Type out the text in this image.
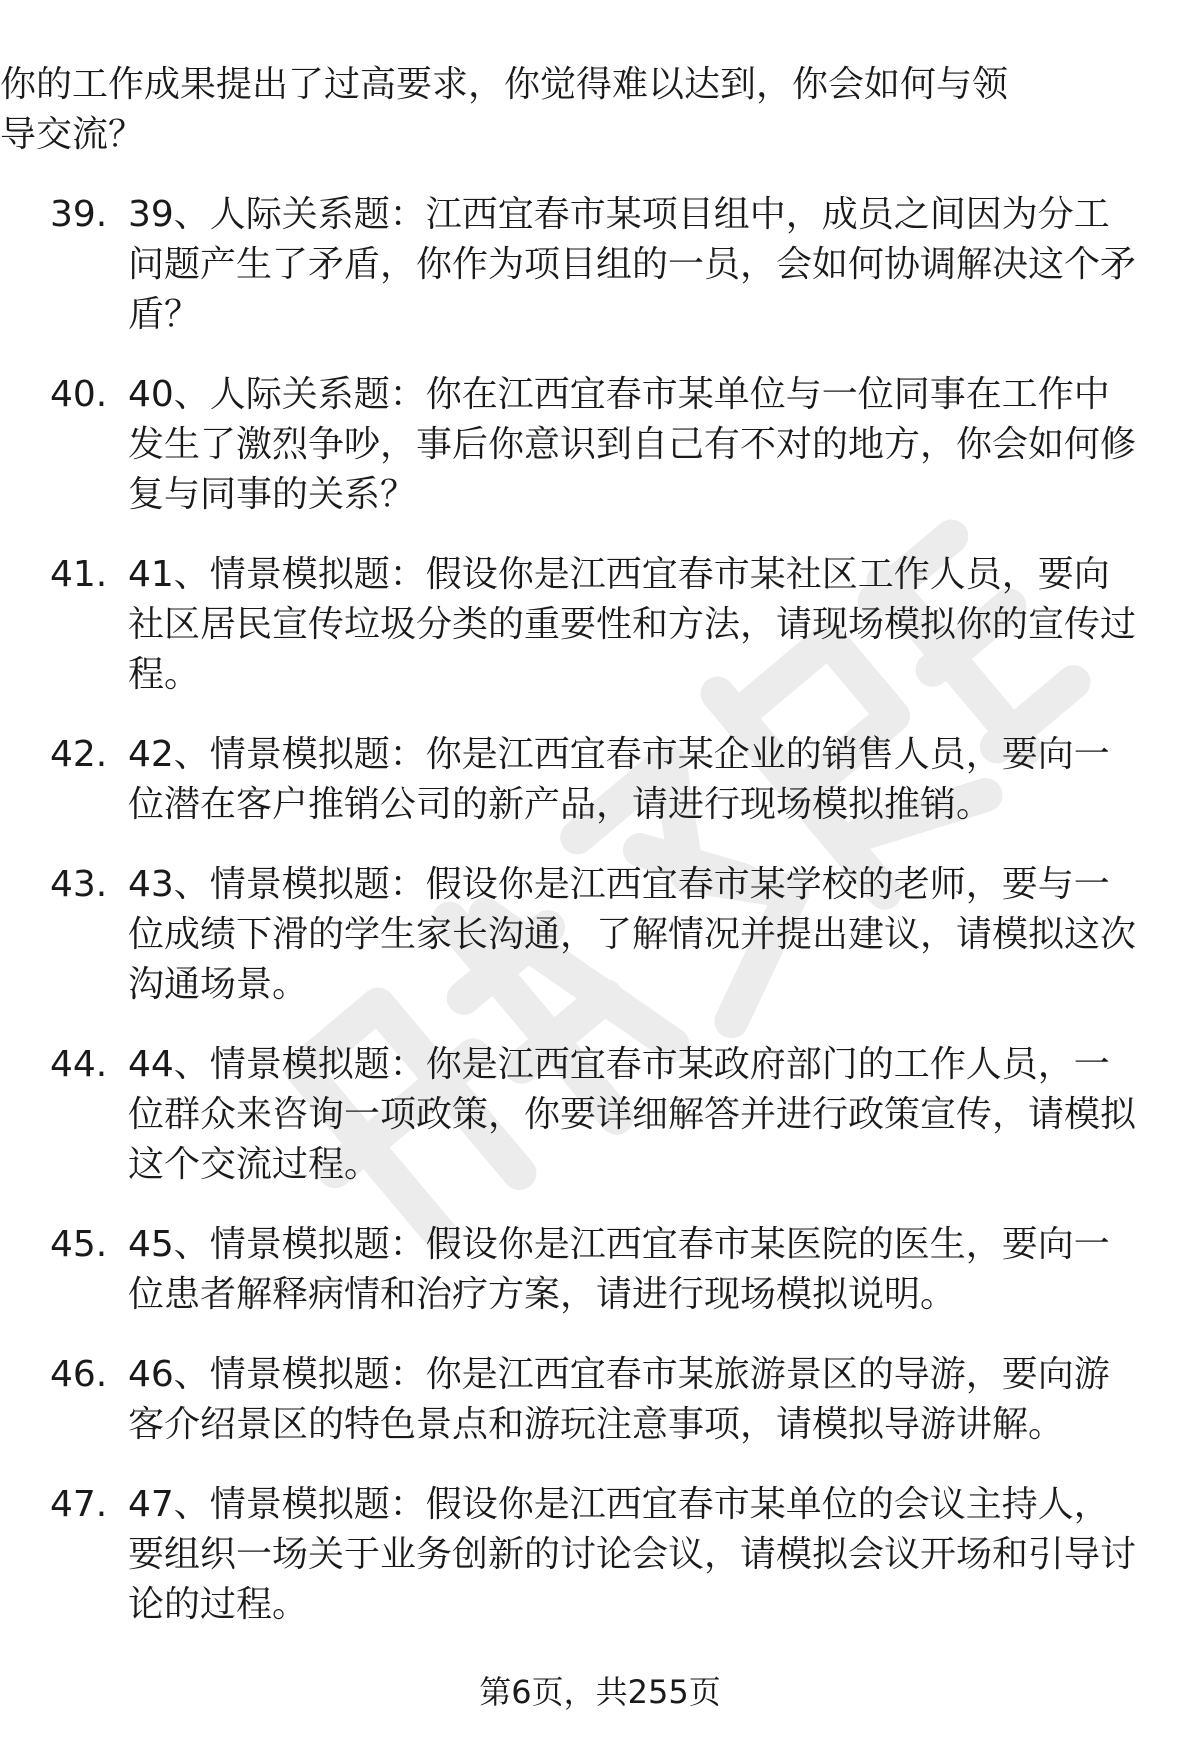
你的工作成果提出了过高要求，你觉得难以达到，你会如何与领导交流？

39. 39、人际关系题：江西宜春市某项目组中，成员之间因为分工问题产生了矛盾，你作为项目组的一员，会如何协调解决这个矛盾？
40. 40、人际关系题：你在江西宜春市某单位与一位同事在工作中发生了激烈争吵，事后你意识到自己有不对的地方，你会如何修复与同事的关系？
41. 41、情景模拟题：假设你是江西宜春市某社区工作人员，要向社区居民宣传垃圾分类的重要性和方法，请现场模拟你的宣传过程。
42. 42、情景模拟题：你是江西宜春市某企业的销售人员，要向一位潜在客户推销公司的新产品，请进行现场模拟推销。
43. 43、情景模拟题：假设你是江西宜春市某学校的老师，要与一位成绩下滑的学生家长沟通，了解情况并提出建议，请模拟这次沟通场景。
44. 44、情景模拟题：你是江西宜春市某政府部门的工作人员，一位群众来咨询一项政策，你要详细解答并进行政策宣传，请模拟这个交流过程。
45. 45、情景模拟题：假设你是江西宜春市某医院的医生，要向一位患者解释病情和治疗方案，请进行现场模拟说明。
46. 46、情景模拟题：你是江西宜春市某旅游景区的导游，要向游客介绍景区的特色景点和游玩注意事项，请模拟导游讲解。
47. 47、情景模拟题：假设你是江西宜春市某单位的会议主持人，要组织一场关于业务创新的讨论会议，请模拟会议开场和引导讨论的过程。
第6页，共255页
